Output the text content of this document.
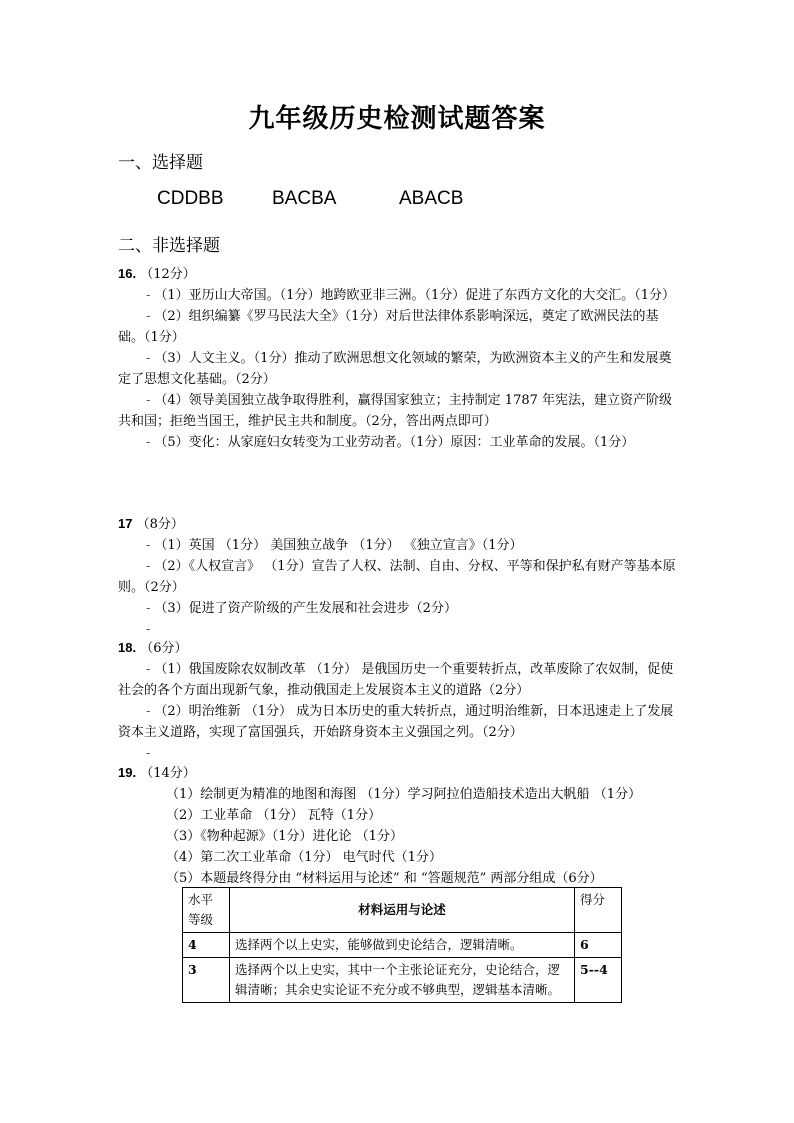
九年级历史检测试题答案
一、选择题
CDDBB	BACBA	ABACB
二、非选择题
16. （12分）
- （1）亚历山大帝国。（1分）地跨欧亚非三洲。（1分）促进了东西方文化的大交汇。（1分）
- （2）组织编纂《罗马民法大全》（1分）对后世法律体系影响深远，奠定了欧洲民法的基础。（1分）
- （3）人文主义。（1分）推动了欧洲思想文化领域的繁荣，为欧洲资本主义的产生和发展奠定了思想文化基础。（2分）
- （4）领导美国独立战争取得胜利，赢得国家独立；主持制定 1787 年宪法，建立资产阶级共和国；拒绝当国王，维护民主共和制度。（2分，答出两点即可）
- （5）变化：从家庭妇女转变为工业劳动者。（1分）原因：工业革命的发展。（1分）
17 （8分）
- （1）英国 （1分） 美国独立战争 （1分） 《独立宣言》（1分）
- （2）《人权宣言》 （1分）宣告了人权、法制、自由、分权、平等和保护私有财产等基本原则。（2分）
- （3）促进了资产阶级的产生发展和社会进步（2分）
-
18. （6分）
- （1）俄国废除农奴制改革 （1分） 是俄国历史一个重要转折点，改革废除了农奴制，促使社会的各个方面出现新气象，推动俄国走上发展资本主义的道路（2分）
- （2）明治维新 （1分） 成为日本历史的重大转折点，通过明治维新，日本迅速走上了发展资本主义道路，实现了富国强兵，开始跻身资本主义强国之列。（2分）
-
19. （14分）
（1）绘制更为精准的地图和海图 （1分）学习阿拉伯造船技术造出大帆船 （1分）
（2）工业革命 （1分） 瓦特（1分）
（3）《物种起源》（1分）进化论 （1分）
（4）第二次工业革命（1分） 电气时代（1分）
（5）本题最终得分由 “材料运用与论述” 和 “答题规范” 两部分组成（6分）
水平等级	材料运用与论述	得分
4	选择两个以上史实，能够做到史论结合，逻辑清晰。	6
3	选择两个以上史实，其中一个主张论证充分，史论结合，逻辑清晰；其余史实论证不充分或不够典型，逻辑基本清晰。	5--4
